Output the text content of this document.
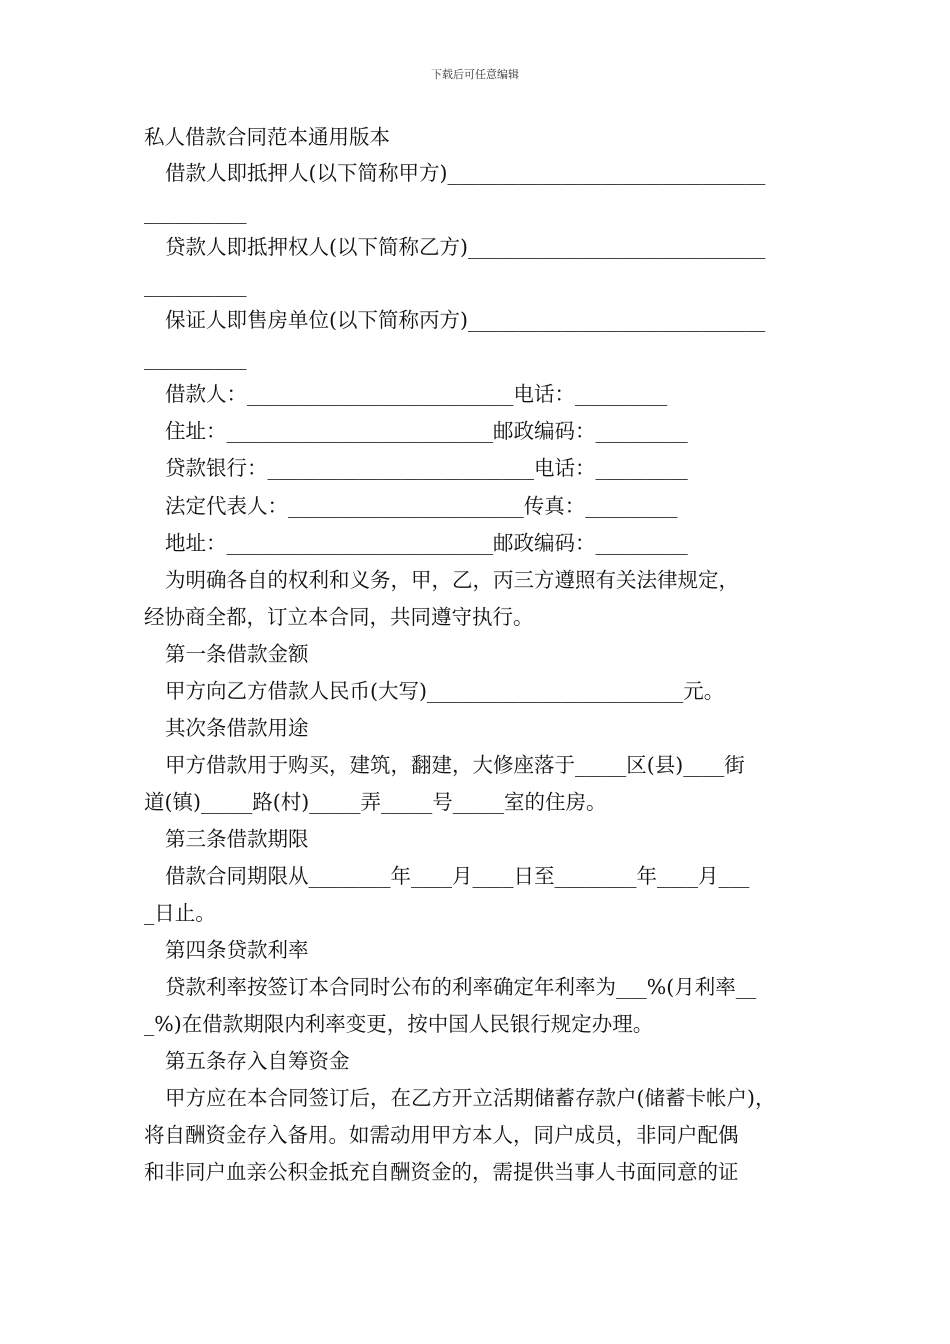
下载后可任意编辑
私人借款合同范本通用版本
借款人即抵押人(以下简称甲方)_______________________________
__________
贷款人即抵押权人(以下简称乙方)_____________________________
__________
保证人即售房单位(以下简称丙方)_____________________________
__________
借款人：__________________________电话：_________
住址：__________________________邮政编码：_________
贷款银行：__________________________电话：_________
法定代表人：_______________________传真：_________
地址：__________________________邮政编码：_________
为明确各自的权利和义务，甲，乙，丙三方遵照有关法律规定，
经协商全都，订立本合同，共同遵守执行。
第一条借款金额
甲方向乙方借款人民币(大写)_________________________元。
其次条借款用途
甲方借款用于购买，建筑，翻建，大修座落于_____区(县)____街
道(镇)_____路(村)_____弄_____号_____室的住房。
第三条借款期限
借款合同期限从________年____月____日至________年____月___
_日止。
第四条贷款利率
贷款利率按签订本合同时公布的利率确定年利率为___%(月利率__
_%)在借款期限内利率变更，按中国人民银行规定办理。
第五条存入自筹资金
甲方应在本合同签订后，在乙方开立活期储蓄存款户(储蓄卡帐户)，
将自酬资金存入备用。如需动用甲方本人，同户成员，非同户配偶
和非同户血亲公积金抵充自酬资金的，需提供当事人书面同意的证
